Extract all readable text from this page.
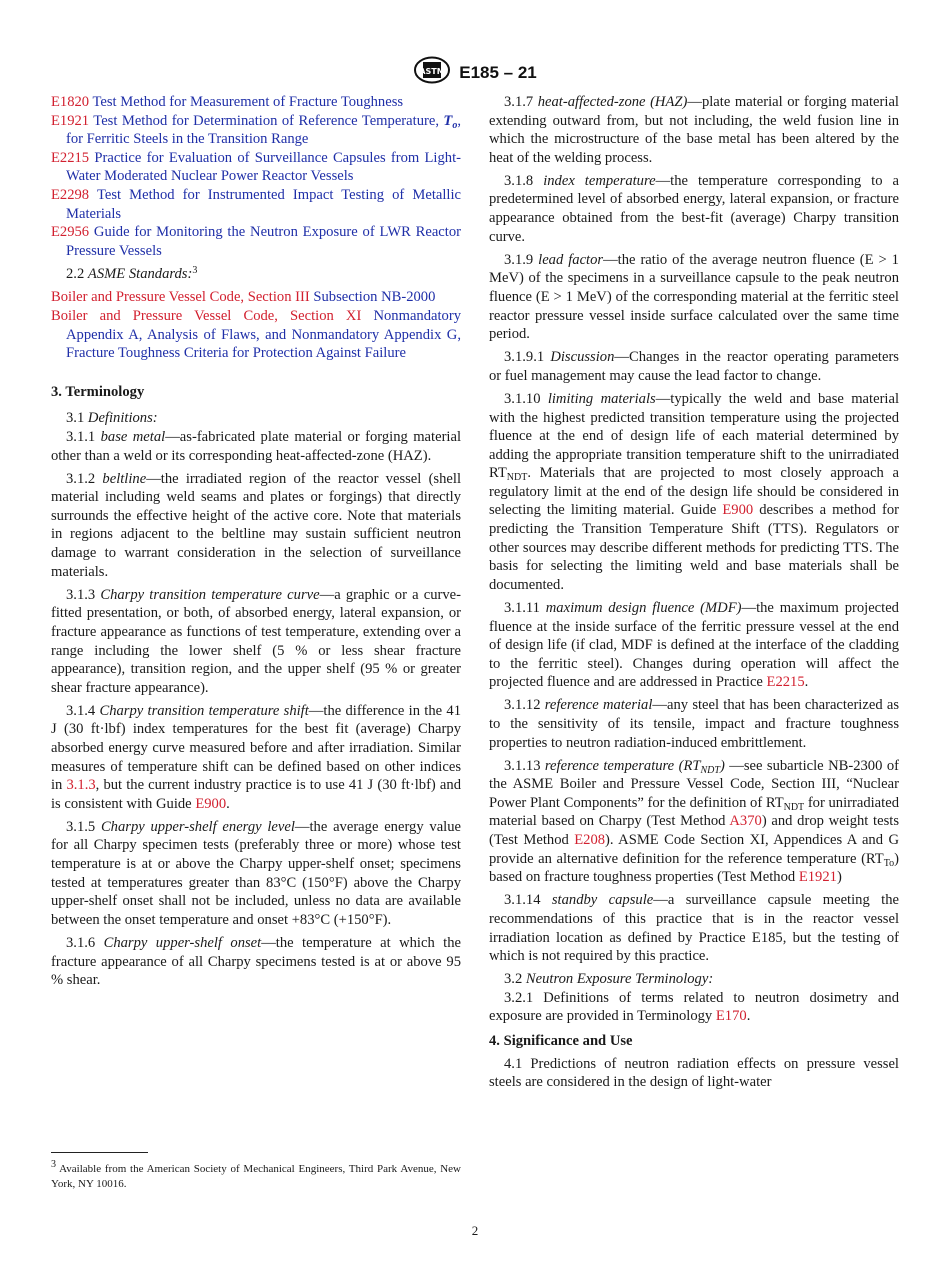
ASTM E185 – 21
E1820 Test Method for Measurement of Fracture Toughness
E1921 Test Method for Determination of Reference Temperature, $T_o$, for Ferritic Steels in the Transition Range
E2215 Practice for Evaluation of Surveillance Capsules from Light-Water Moderated Nuclear Power Reactor Vessels
E2298 Test Method for Instrumented Impact Testing of Metallic Materials
E2956 Guide for Monitoring the Neutron Exposure of LWR Reactor Pressure Vessels

2.2 ASME Standards:$^3$

Boiler and Pressure Vessel Code, Section III Subsection NB-2000
Boiler and Pressure Vessel Code, Section XI Nonmandatory Appendix A, Analysis of Flaws, and Nonmandatory Appendix G, Fracture Toughness Criteria for Protection Against Failure
3. Terminology

3.1 Definitions:

3.1.1 base metal—as-fabricated plate material or forging material other than a weld or its corresponding heat-affected-zone (HAZ).

3.1.2 beltline—the irradiated region of the reactor vessel (shell material including weld seams and plates or forgings) that directly surrounds the effective height of the active core. Note that materials in regions adjacent to the beltline may sustain sufficient neutron damage to warrant consideration in the selection of surveillance materials.

3.1.3 Charpy transition temperature curve—a graphic or a curve-fitted presentation, or both, of absorbed energy, lateral expansion, or fracture appearance as functions of test temperature, extending over a range including the lower shelf (5 % or less shear fracture appearance), transition region, and the upper shelf (95 % or greater shear fracture appearance).

3.1.4 Charpy transition temperature shift—the difference in the 41 J (30 ft·lbf) index temperatures for the best fit (average) Charpy absorbed energy curve measured before and after irradiation. Similar measures of temperature shift can be defined based on other indices in 3.1.3, but the current industry practice is to use 41 J (30 ft·lbf) and is consistent with Guide E900.

3.1.5 Charpy upper-shelf energy level—the average energy value for all Charpy specimen tests (preferably three or more) whose test temperature is at or above the Charpy upper-shelf onset; specimens tested at temperatures greater than 83°C (150°F) above the Charpy upper-shelf onset shall not be included, unless no data are available between the onset temperature and onset +83°C (+150°F).

3.1.6 Charpy upper-shelf onset—the temperature at which the fracture appearance of all Charpy specimens tested is at or above 95 % shear.

3.1.7 heat-affected-zone (HAZ)—plate material or forging material extending outward from, but not including, the weld fusion line in which the microstructure of the base metal has been altered by the heat of the welding process.

3.1.8 index temperature—the temperature corresponding to a predetermined level of absorbed energy, lateral expansion, or fracture appearance obtained from the best-fit (average) Charpy transition curve.

3.1.9 lead factor—the ratio of the average neutron fluence (E > 1 MeV) of the specimens in a surveillance capsule to the peak neutron fluence (E > 1 MeV) of the corresponding material at the ferritic steel reactor pressure vessel inside surface calculated over the same time period.

3.1.9.1 Discussion—Changes in the reactor operating parameters or fuel management may cause the lead factor to change.

3.1.10 limiting materials—typically the weld and base material with the highest predicted transition temperature using the projected fluence at the end of design life of each material determined by adding the appropriate transition temperature shift to the unirradiated $RT_{NDT}$. Materials that are projected to most closely approach a regulatory limit at the end of the design life should be considered in selecting the limiting material. Guide E900 describes a method for predicting the Transition Temperature Shift (TTS). Regulators or other sources may describe different methods for predicting TTS. The basis for selecting the limiting weld and base materials shall be documented.

3.1.11 maximum design fluence (MDF)—the maximum projected fluence at the inside surface of the ferritic pressure vessel at the end of design life (if clad, MDF is defined at the interface of the cladding to the ferritic steel). Changes during operation will affect the projected fluence and are addressed in Practice E2215.

3.1.12 reference material—any steel that has been characterized as to the sensitivity of its tensile, impact and fracture toughness properties to neutron radiation-induced embrittlement.

3.1.13 reference temperature $(RT_{NDT})$ —see subarticle NB-2300 of the ASME Boiler and Pressure Vessel Code, Section III, “Nuclear Power Plant Components” for the definition of $RT_{NDT}$ for unirradiated material based on Charpy (Test Method A370) and drop weight tests (Test Method E208). ASME Code Section XI, Appendices A and G provide an alternative definition for the reference temperature $(RT_{To})$ based on fracture toughness properties (Test Method E1921)

3.1.14 standby capsule—a surveillance capsule meeting the recommendations of this practice that is in the reactor vessel irradiation location as defined by Practice E185, but the testing of which is not required by this practice.

3.2 Neutron Exposure Terminology:

3.2.1 Definitions of terms related to neutron dosimetry and exposure are provided in Terminology E170.

4. Significance and Use

4.1 Predictions of neutron radiation effects on pressure vessel steels are considered in the design of light-water

$^3$ Available from the American Society of Mechanical Engineers, Third Park Avenue, New York, NY 10016.
2
